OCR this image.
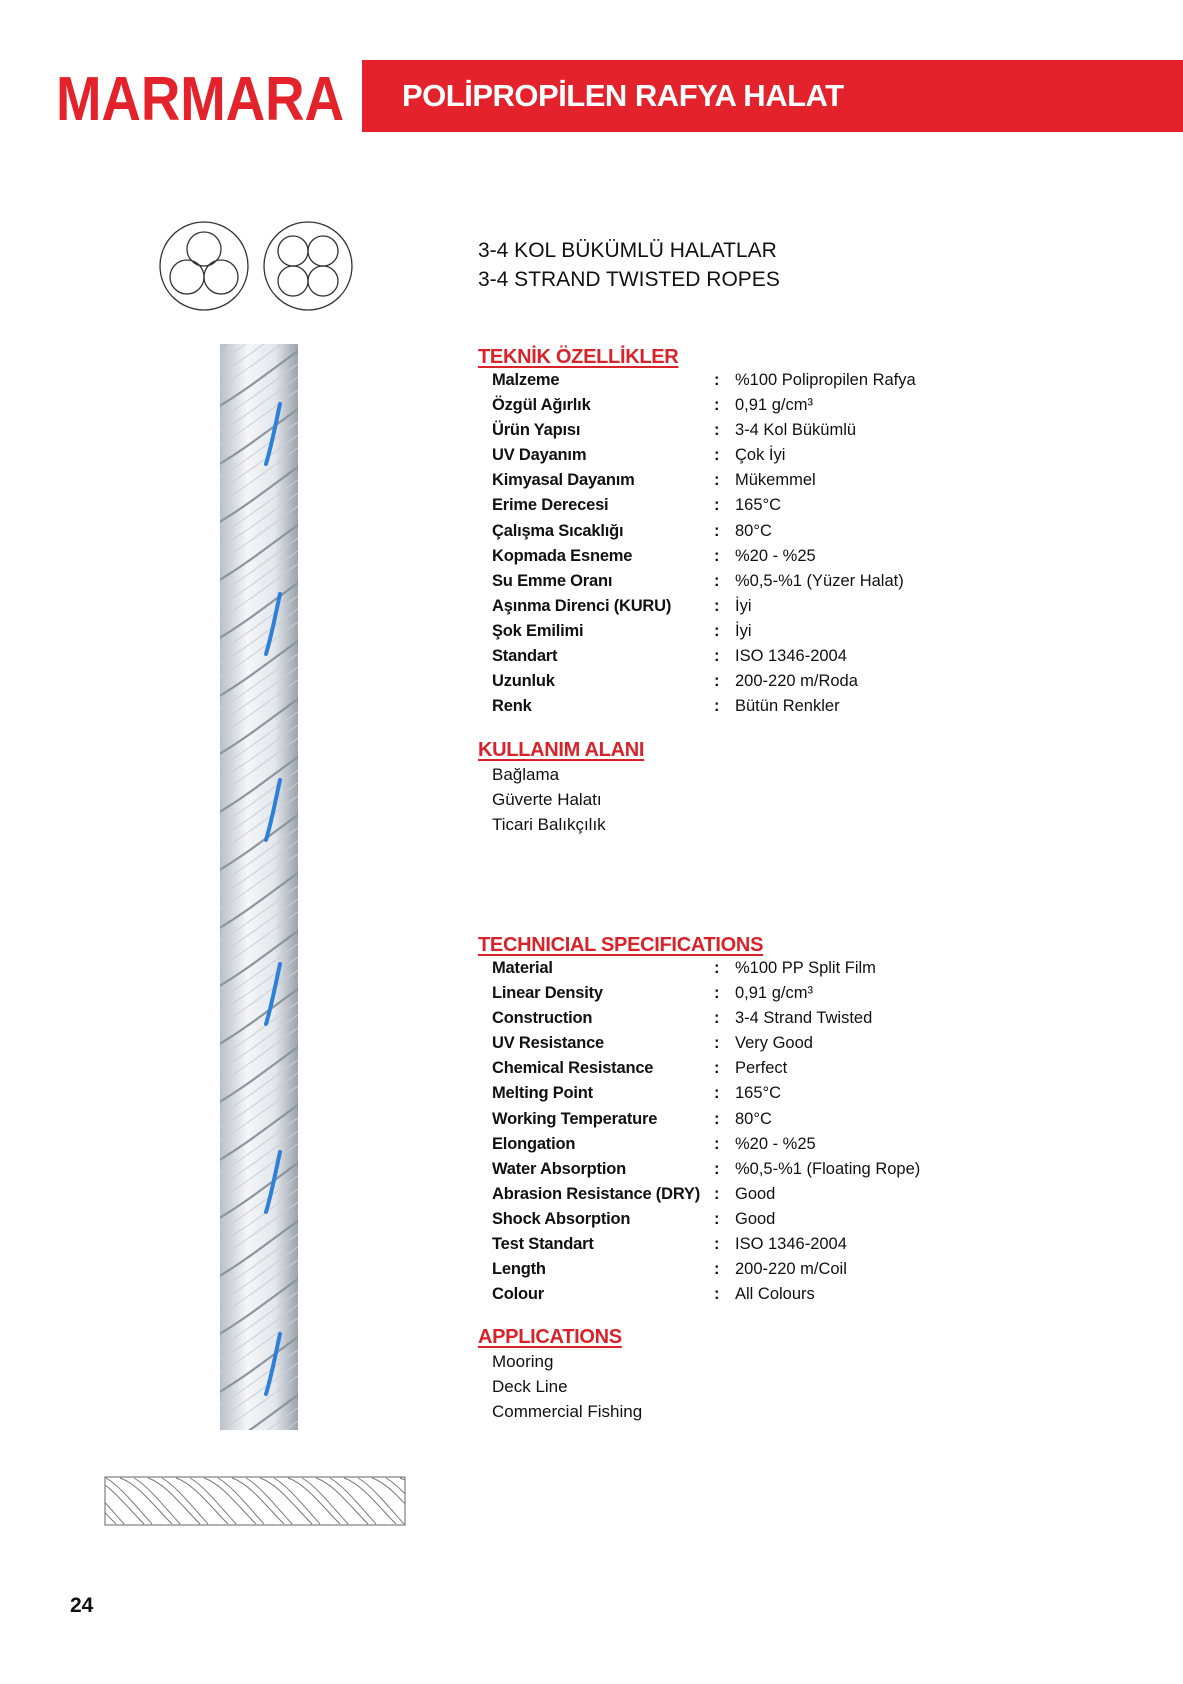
MARMARA POLİPROPİLEN RAFYA HALAT
3-4 KOL BÜKÜMLÜ HALATLAR
3-4 STRAND TWISTED ROPES
TEKNİK ÖZELLİKLER
Malzeme	: %100 Polipropilen Rafya
Özgül Ağırlık	: 0,91 g/cm³
Ürün Yapısı	: 3-4 Kol Bükümlü
UV Dayanım	: Çok İyi
Kimyasal Dayanım	: Mükemmel
Erime Derecesi	: 165°C
Çalışma Sıcaklığı	: 80°C
Kopmada Esneme	: %20 - %25
Su Emme Oranı	: %0,5-%1 (Yüzer Halat)
Aşınma Direnci (KURU)	: İyi
Şok Emilimi	: İyi
Standart	: ISO 1346-2004
Uzunluk	: 200-220 m/Roda
Renk	: Bütün Renkler
KULLANIM ALANI
Bağlama
Güverte Halatı
Ticari Balıkçılık
TECHNICIAL SPECIFICATIONS
Material	: %100 PP Split Film
Linear Density	: 0,91 g/cm³
Construction	: 3-4 Strand Twisted
UV Resistance	: Very Good
Chemical Resistance	: Perfect
Melting Point	: 165°C
Working Temperature	: 80°C
Elongation	: %20 - %25
Water Absorption	: %0,5-%1 (Floating Rope)
Abrasion Resistance (DRY) : Good
Shock Absorption	: Good
Test Standart	: ISO 1346-2004
Length	: 200-220 m/Coil
Colour	: All Colours
APPLICATIONS
Mooring
Deck Line
Commercial Fishing
24
